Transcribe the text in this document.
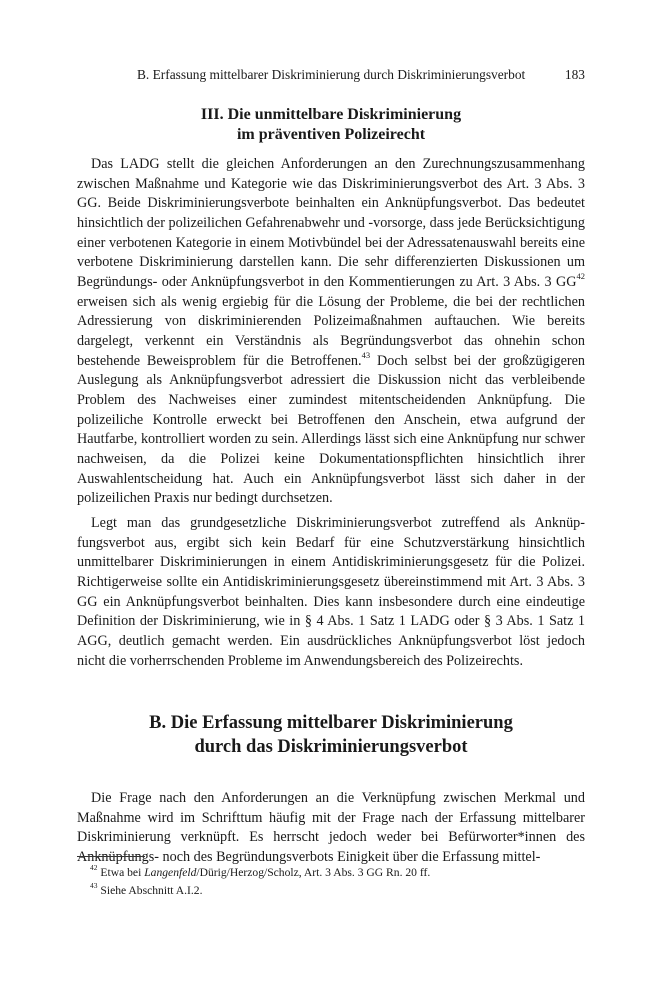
B. Erfassung mittelbarer Diskriminierung durch Diskriminierungsverbot	183
III. Die unmittelbare Diskriminierung
im präventiven Polizeirecht

Das LADG stellt die gleichen Anforderungen an den Zurechnungszusammenhang zwischen Maßnahme und Kategorie wie das Diskriminierungsverbot des Art. 3 Abs. 3 GG. Beide Diskriminierungsverbote beinhalten ein Anknüpfungsverbot. Das bedeutet hinsichtlich der polizeilichen Gefahrenabwehr und -vorsorge, dass jede Berücksichtigung einer verbotenen Kategorie in einem Motivbündel bei der Adressatenauswahl bereits eine verbotene Diskriminierung darstellen kann. Die sehr differenzierten Diskussionen um Begründungs- oder Anknüpfungsverbot in den Kommentierungen zu Art. 3 Abs. 3 GG$^{42}$ erweisen sich als wenig ergiebig für die Lösung der Probleme, die bei der rechtlichen Adressierung von diskriminierenden Polizeimaßnahmen auftauchen. Wie bereits dargelegt, verkennt ein Verständnis als Begründungsverbot das ohnehin schon bestehende Beweisproblem für die Betroffenen.$^{43}$ Doch selbst bei der großzügigeren Auslegung als Anknüpfungsverbot adressiert die Diskussion nicht das verbleibende Problem des Nachweises einer zumindest mitentscheidenden Anknüpfung. Die polizeiliche Kontrolle erweckt bei Betroffenen den Anschein, etwa aufgrund der Hautfarbe, kontrolliert worden zu sein. Allerdings lässt sich eine Anknüpfung nur schwer nachweisen, da die Polizei keine Dokumentationspflichten hinsichtlich ihrer Auswahlentscheidung hat. Auch ein Anknüpfungsverbot lässt sich daher in der polizeilichen Praxis nur bedingt durchsetzen.

Legt man das grundgesetzliche Diskriminierungsverbot zutreffend als Anknüpfungsverbot aus, ergibt sich kein Bedarf für eine Schutzverstärkung hinsichtlich unmittelbarer Diskriminierungen in einem Antidiskriminierungsgesetz für die Polizei. Richtigerweise sollte ein Antidiskriminierungsgesetz übereinstimmend mit Art. 3 Abs. 3 GG ein Anknüpfungsverbot beinhalten. Dies kann insbesondere durch eine eindeutige Definition der Diskriminierung, wie in § 4 Abs. 1 Satz 1 LADG oder § 3 Abs. 1 Satz 1 AGG, deutlich gemacht werden. Ein ausdrückliches Anknüpfungsverbot löst jedoch nicht die vorherrschenden Probleme im Anwendungsbereich des Polizeirechts.

B. Die Erfassung mittelbarer Diskriminierung
durch das Diskriminierungsverbot

Die Frage nach den Anforderungen an die Verknüpfung zwischen Merkmal und Maßnahme wird im Schrifttum häufig mit der Frage nach der Erfassung mittelbarer Diskriminierung verknüpft. Es herrscht jedoch weder bei Befürworter*innen des Anknüpfungs- noch des Begründungsverbots Einigkeit über die Erfassung mittel-

$^{42}$ Etwa bei Langenfeld/Dürig/Herzog/Scholz, Art. 3 Abs. 3 GG Rn. 20 ff.
$^{43}$ Siehe Abschnitt A.I.2.
